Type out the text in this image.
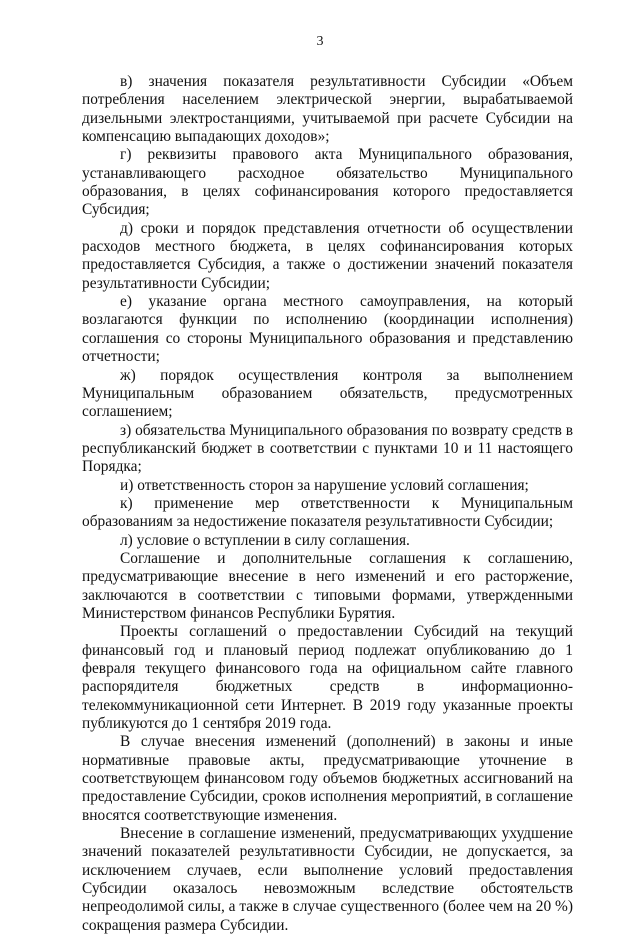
3

в) значения показателя результативности Субсидии «Объем потребления населением электрической энергии, вырабатываемой дизельными электростанциями, учитываемой при расчете Субсидии на компенсацию выпадающих доходов»;

г) реквизиты правового акта Муниципального образования, устанавливающего расходное обязательство Муниципального образования, в целях софинансирования которого предоставляется Субсидия;

д) сроки и порядок представления отчетности об осуществлении расходов местного бюджета, в целях софинансирования которых предоставляется Субсидия, а также о достижении значений показателя результативности Субсидии;

е) указание органа местного самоуправления, на который возлагаются функции по исполнению (координации исполнения) соглашения со стороны Муниципального образования и представлению отчетности;

ж) порядок осуществления контроля за выполнением Муниципальным образованием обязательств, предусмотренных соглашением;

з) обязательства Муниципального образования по возврату средств в республиканский бюджет в соответствии с пунктами 10 и 11 настоящего Порядка;

и) ответственность сторон за нарушение условий соглашения;

к) применение мер ответственности к Муниципальным образованиям за недостижение показателя результативности Субсидии;

л) условие о вступлении в силу соглашения.

Соглашение и дополнительные соглашения к соглашению, предусматривающие внесение в него изменений и его расторжение, заключаются в соответствии с типовыми формами, утвержденными Министерством финансов Республики Бурятия.

Проекты соглашений о предоставлении Субсидий на текущий финансовый год и плановый период подлежат опубликованию до 1 февраля текущего финансового года на официальном сайте главного распорядителя бюджетных средств в информационно-телекоммуникационной сети Интернет. В 2019 году указанные проекты публикуются до 1 сентября 2019 года.

В случае внесения изменений (дополнений) в законы и иные нормативные правовые акты, предусматривающие уточнение в соответствующем финансовом году объемов бюджетных ассигнований на предоставление Субсидии, сроков исполнения мероприятий, в соглашение вносятся соответствующие изменения.

Внесение в соглашение изменений, предусматривающих ухудшение значений показателей результативности Субсидии, не допускается, за исключением случаев, если выполнение условий предоставления Субсидии оказалось невозможным вследствие обстоятельств непреодолимой силы, а также в случае существенного (более чем на 20 %) сокращения размера Субсидии.
